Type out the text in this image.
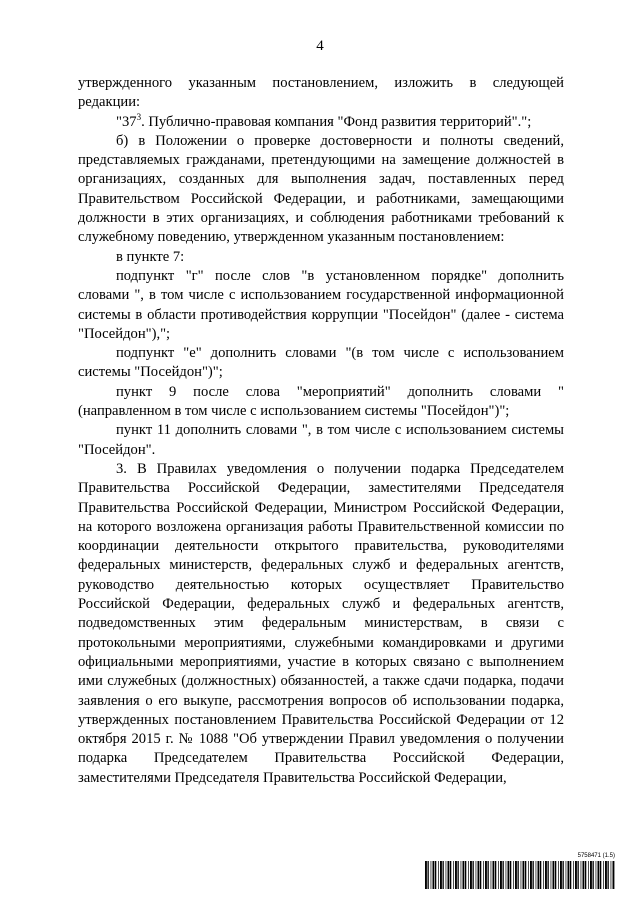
4

утвержденного указанным постановлением, изложить в следующей редакции:

"$37^3$. Публично-правовая компания "Фонд развития территорий".";

б) в Положении о проверке достоверности и полноты сведений, представляемых гражданами, претендующими на замещение должностей в организациях, созданных для выполнения задач, поставленных перед Правительством Российской Федерации, и работниками, замещающими должности в этих организациях, и соблюдения работниками требований к служебному поведению, утвержденном указанным постановлением:

в пункте 7:

подпункт "г" после слов "в установленном порядке" дополнить словами ", в том числе с использованием государственной информационной системы в области противодействия коррупции "Посейдон" (далее - система "Посейдон"),";

подпункт "е" дополнить словами "(в том числе с использованием системы "Посейдон")";

пункт 9 после слова "мероприятий" дополнить словами "(направленном в том числе с использованием системы "Посейдон")";

пункт 11 дополнить словами ", в том числе с использованием системы "Посейдон".

3. В Правилах уведомления о получении подарка Председателем Правительства Российской Федерации, заместителями Председателя Правительства Российской Федерации, Министром Российской Федерации, на которого возложена организация работы Правительственной комиссии по координации деятельности открытого правительства, руководителями федеральных министерств, федеральных служб и федеральных агентств, руководство деятельностью которых осуществляет Правительство Российской Федерации, федеральных служб и федеральных агентств, подведомственных этим федеральным министерствам, в связи с протокольными мероприятиями, служебными командировками и другими официальными мероприятиями, участие в которых связано с выполнением ими служебных (должностных) обязанностей, а также сдачи подарка, подачи заявления о его выкупе, рассмотрения вопросов об использовании подарка, утвержденных постановлением Правительства Российской Федерации от 12 октября 2015 г. № 1088 "Об утверждении Правил уведомления о получении подарка Председателем Правительства Российской Федерации, заместителями Председателя Правительства Российской Федерации,

5758471 (1.5)
